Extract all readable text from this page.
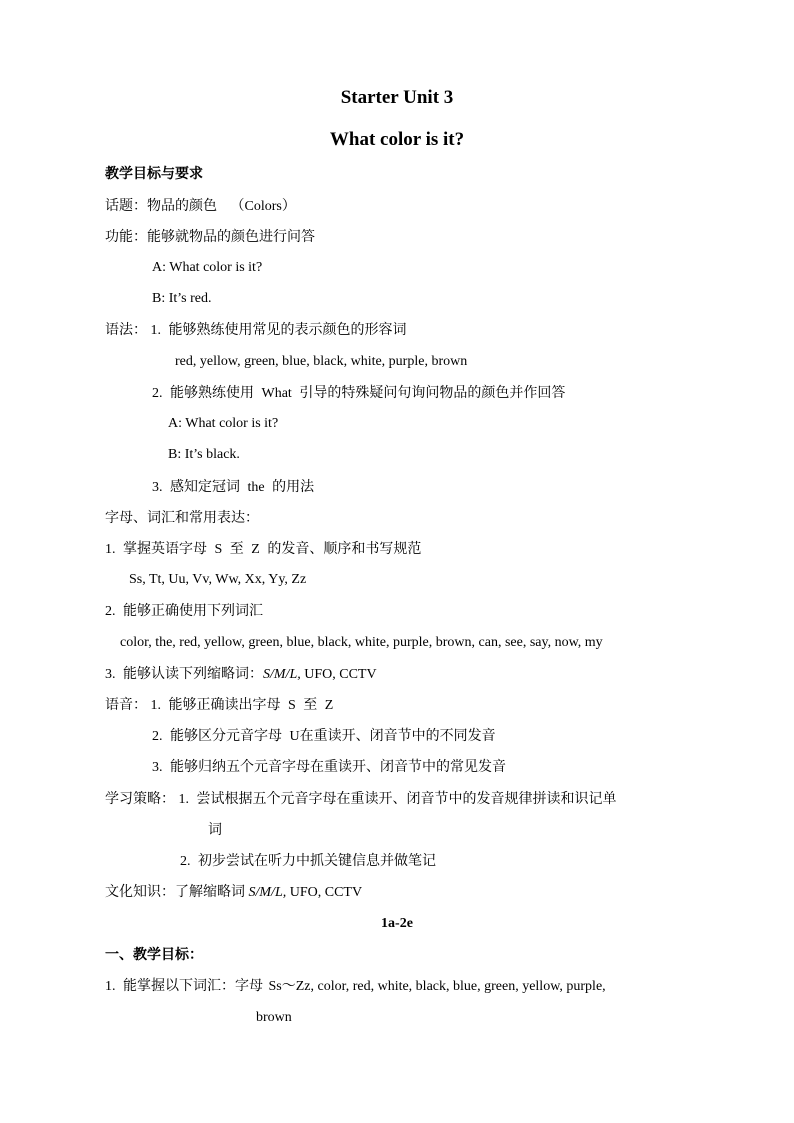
Starter Unit 3
What color is it?
教学目标与要求
话题：物品的颜色 （Colors）
功能：能够就物品的颜色进行问答
A: What color is it?
B: It’s red.
语法： 1. 能够熟练使用常见的表示颜色的形容词
red, yellow, green, blue, black, white, purple, brown
2. 能够熟练使用 What 引导的特殊疑问句询问物品的颜色并作回答
A: What color is it?
B: It’s black.
3. 感知定冠词 the 的用法
字母、词汇和常用表达：
1. 掌握英语字母 S 至 Z 的发音、顺序和书写规范
Ss, Tt, Uu, Vv, Ww, Xx, Yy, Zz
2. 能够正确使用下列词汇
color, the, red, yellow, green, blue, black, white, purple, brown, can, see, say, now, my
3. 能够认读下列缩略词：S/M/L, UFO, CCTV
语音： 1. 能够正确读出字母 S 至 Z
2. 能够区分元音字母 U在重读开、闭音节中的不同发音
3. 能够归纳五个元音字母在重读开、闭音节中的常见发音
学习策略： 1. 尝试根据五个元音字母在重读开、闭音节中的发音规律拼读和识记单
词
2. 初步尝试在听力中抓关键信息并做笔记
文化知识：了解缩略词 S/M/L, UFO, CCTV
1a-2e
一、教学目标：
1. 能掌握以下词汇：字母 Ss～Zz, color, red, white, black, blue, green, yellow, purple,
brown
